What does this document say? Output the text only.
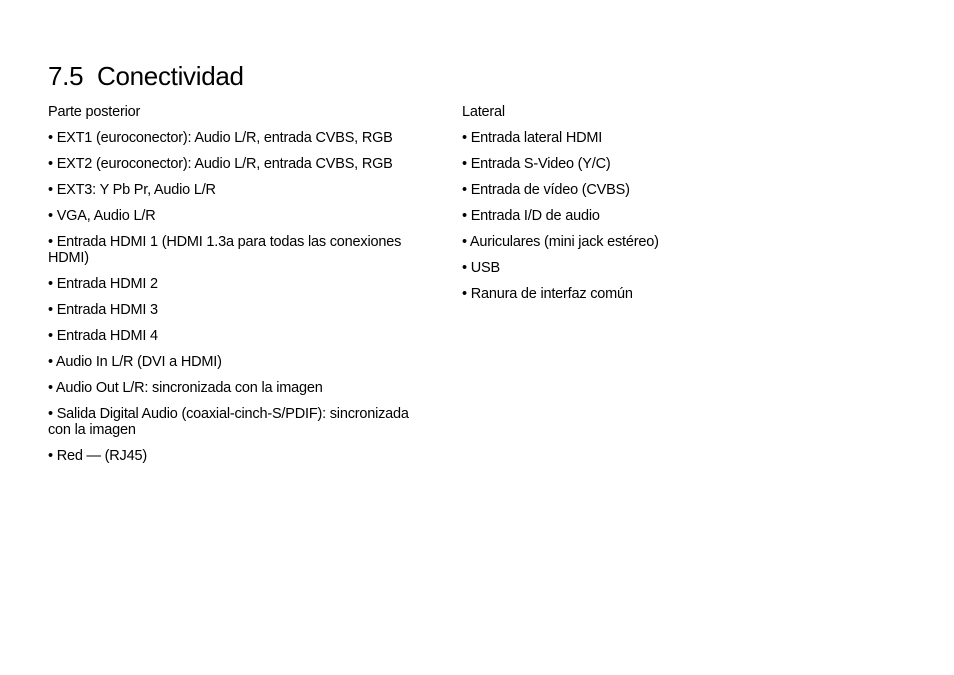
7.5 Conectividad
Parte posterior
• EXT1 (euroconector): Audio L/R, entrada CVBS, RGB
• EXT2 (euroconector): Audio L/R, entrada CVBS, RGB
• EXT3: Y Pb Pr, Audio L/R
• VGA, Audio L/R
• Entrada HDMI 1 (HDMI 1.3a para todas las conexiones HDMI)
• Entrada HDMI 2
• Entrada HDMI 3
• Entrada HDMI 4
• Audio In L/R (DVI a HDMI)
• Audio Out L/R: sincronizada con la imagen
• Salida Digital Audio (coaxial-cinch-S/PDIF): sincronizada con la imagen
• Red — (RJ45)
Lateral
• Entrada lateral HDMI
• Entrada S-Video (Y/C)
• Entrada de vídeo (CVBS)
• Entrada I/D de audio
• Auriculares (mini jack estéreo)
• USB
• Ranura de interfaz común
